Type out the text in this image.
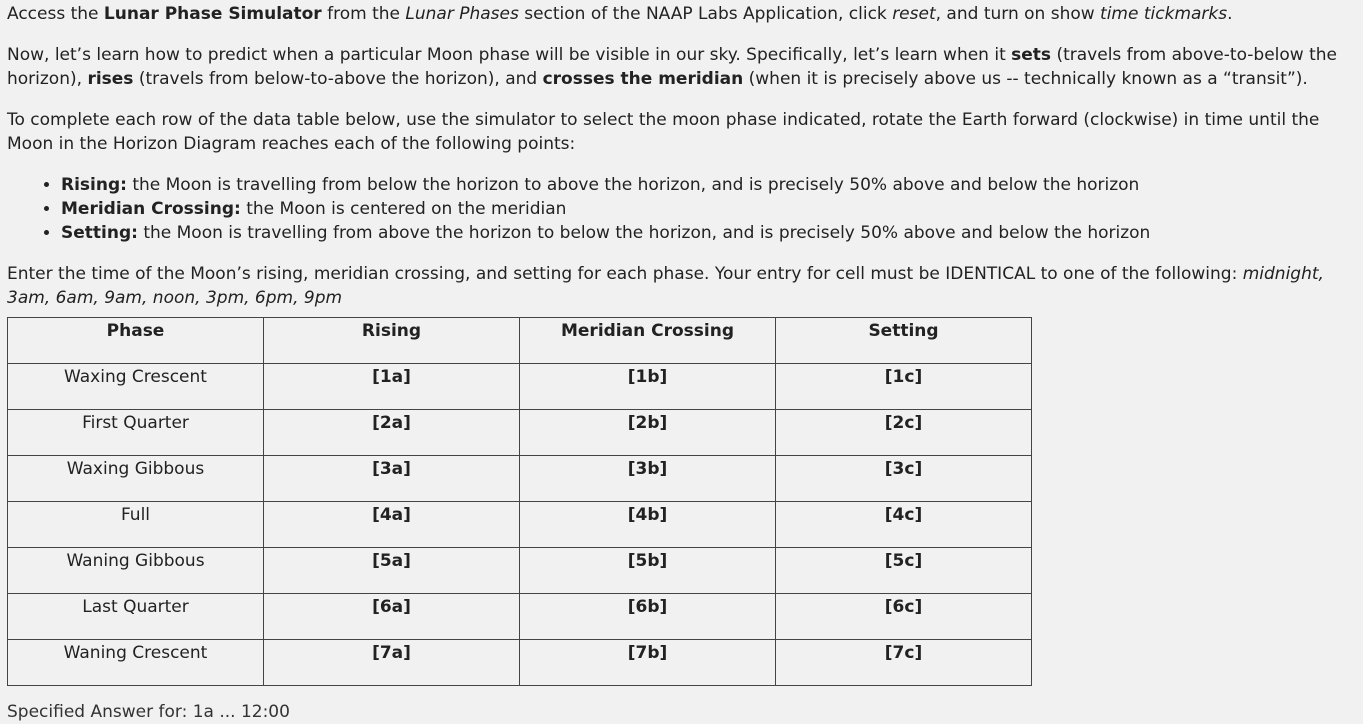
Access the Lunar Phase Simulator from the Lunar Phases section of the NAAP Labs Application, click reset, and turn on show time tickmarks.

Now, let’s learn how to predict when a particular Moon phase will be visible in our sky. Specifically, let’s learn when it sets (travels from above-to-below the horizon), rises (travels from below-to-above the horizon), and crosses the meridian (when it is precisely above us -- technically known as a “transit”).

To complete each row of the data table below, use the simulator to select the moon phase indicated, rotate the Earth forward (clockwise) in time until the Moon in the Horizon Diagram reaches each of the following points:

• Rising: the Moon is travelling from below the horizon to above the horizon, and is precisely 50% above and below the horizon
• Meridian Crossing: the Moon is centered on the meridian
• Setting: the Moon is travelling from above the horizon to below the horizon, and is precisely 50% above and below the horizon

Enter the time of the Moon’s rising, meridian crossing, and setting for each phase. Your entry for cell must be IDENTICAL to one of the following: midnight, 3am, 6am, 9am, noon, 3pm, 6pm, 9pm

Phase	Rising	Meridian Crossing	Setting
Waxing Crescent	[1a]	[1b]	[1c]
First Quarter	[2a]	[2b]	[2c]
Waxing Gibbous	[3a]	[3b]	[3c]
Full	[4a]	[4b]	[4c]
Waning Gibbous	[5a]	[5b]	[5c]
Last Quarter	[6a]	[6b]	[6c]
Waning Crescent	[7a]	[7b]	[7c]
Specified Answer for: 1a ... 12:00
